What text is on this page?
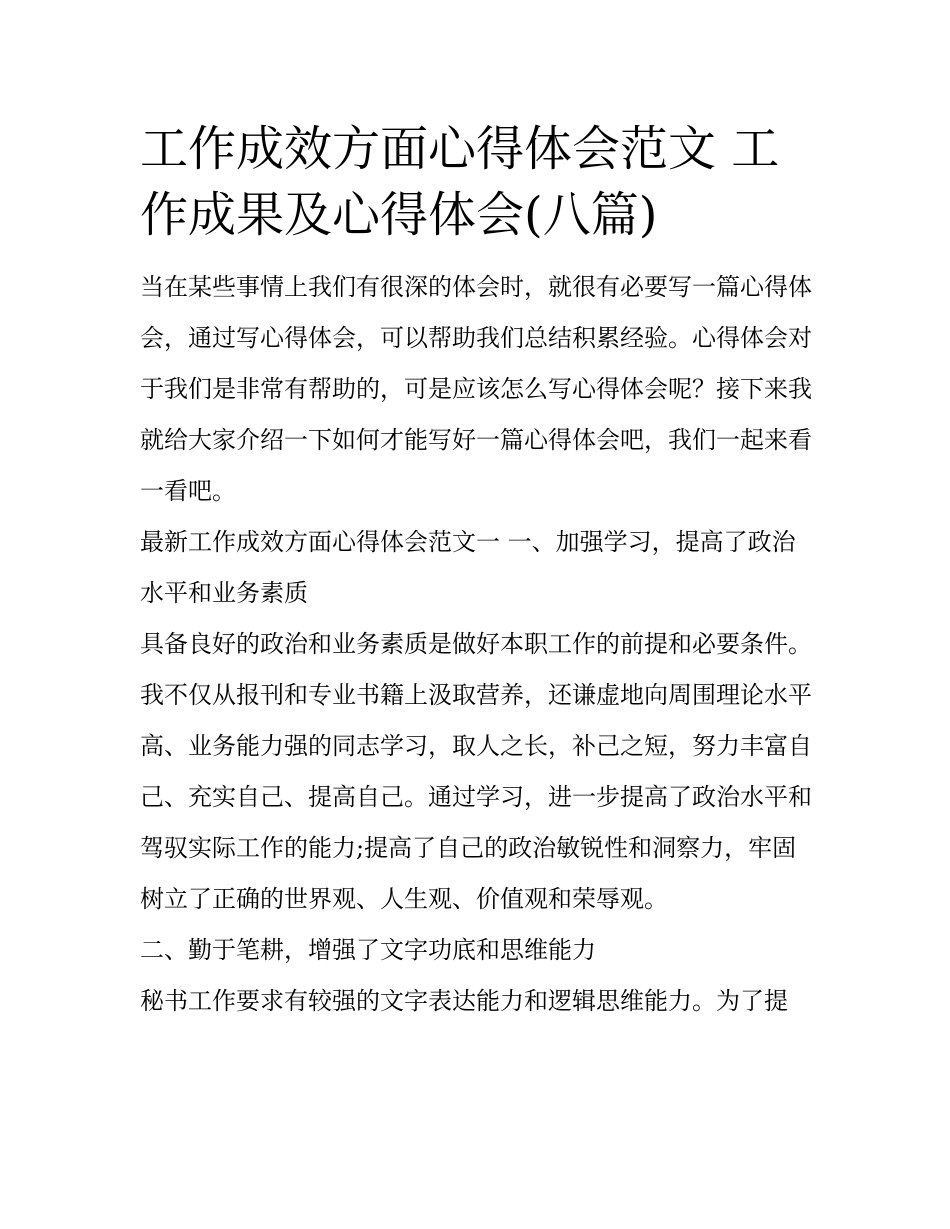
工作成效方面心得体会范文 工
作成果及心得体会(八篇)

当在某些事情上我们有很深的体会时，就很有必要写一篇心得体会，通过写心得体会，可以帮助我们总结积累经验。心得体会对于我们是非常有帮助的，可是应该怎么写心得体会呢？接下来我就给大家介绍一下如何才能写好一篇心得体会吧，我们一起来看一看吧。

最新工作成效方面心得体会范文一 一、加强学习，提高了政治水平和业务素质

具备良好的政治和业务素质是做好本职工作的前提和必要条件。我不仅从报刊和专业书籍上汲取营养，还谦虚地向周围理论水平高、业务能力强的同志学习，取人之长，补己之短，努力丰富自己、充实自己、提高自己。通过学习，进一步提高了政治水平和驾驭实际工作的能力;提高了自己的政治敏锐性和洞察力，牢固树立了正确的世界观、人生观、价值观和荣辱观。

二、勤于笔耕，增强了文字功底和思维能力

秘书工作要求有较强的文字表达能力和逻辑思维能力。为了提
